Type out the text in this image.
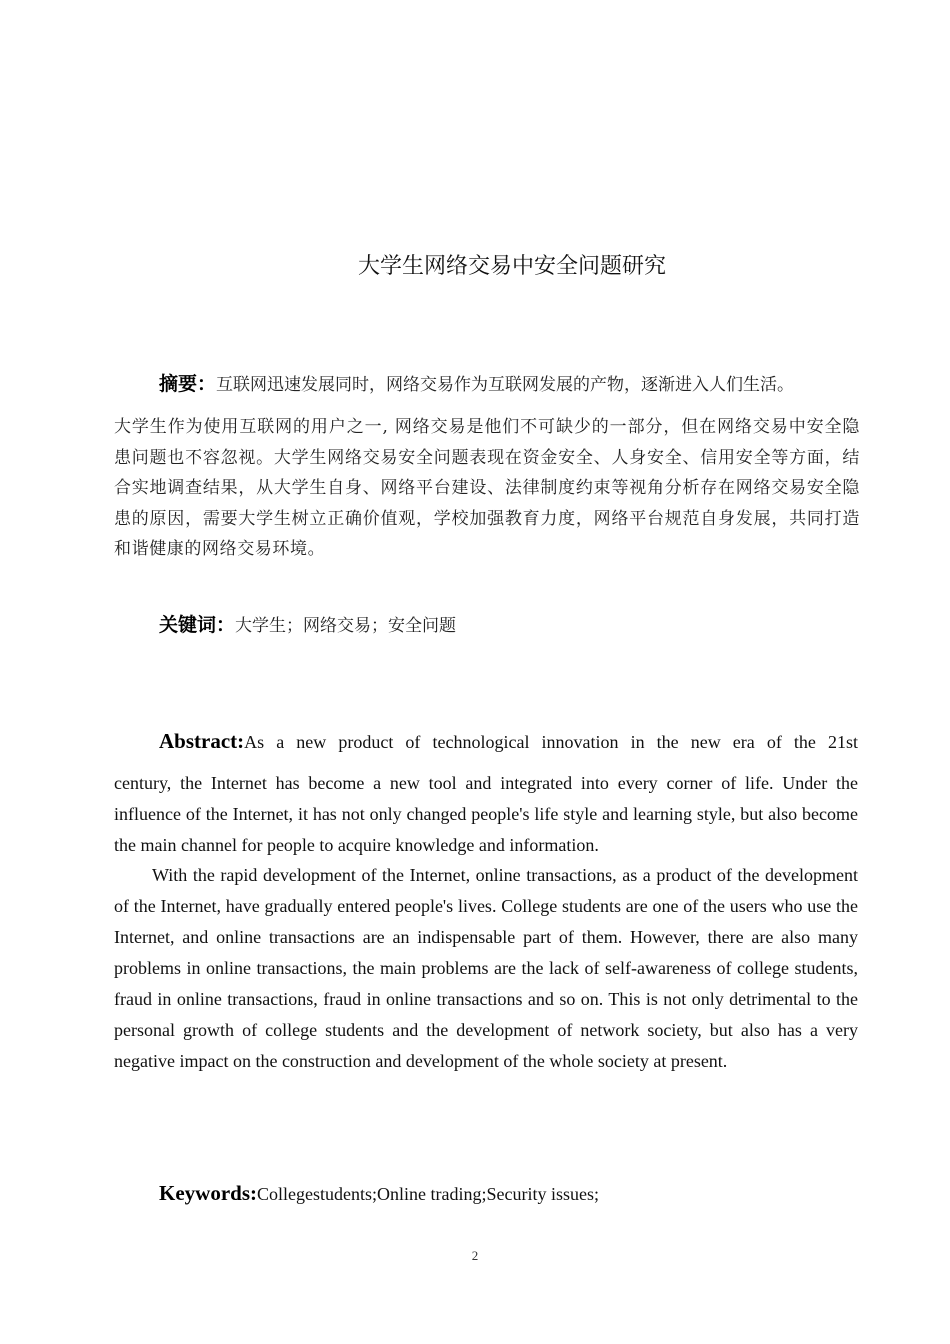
大学生网络交易中安全问题研究
摘要：互联网迅速发展同时，网络交易作为互联网发展的产物，逐渐进入人们生活。
大学生作为使用互联网的用户之一, 网络交易是他们不可缺少的一部分，但在网络交易中安全隐患问题也不容忽视。大学生网络交易安全问题表现在资金安全、人身安全、信用安全等方面，结合实地调查结果，从大学生自身、网络平台建设、法律制度约束等视角分析存在网络交易安全隐患的原因，需要大学生树立正确价值观，学校加强教育力度，网络平台规范自身发展，共同打造和谐健康的网络交易环境。
关键词：大学生；网络交易；安全问题
Abstract:As a new product of technological innovation in the new era of the 21st
century, the Internet has become a new tool and integrated into every corner of life. Under the influence of the Internet, it has not only changed people's life style and learning style, but also become the main channel for people to acquire knowledge and information.
With the rapid development of the Internet, online transactions, as a product of the development of the Internet, have gradually entered people's lives. College students are one of the users who use the Internet, and online transactions are an indispensable part of them. However, there are also many problems in online transactions, the main problems are the lack of self-awareness of college students, fraud in online transactions, fraud in online transactions and so on. This is not only detrimental to the personal growth of college students and the development of network society, but also has a very negative impact on the construction and development of the whole society at present.
Keywords:Collegestudents;Online trading;Security issues;
2
